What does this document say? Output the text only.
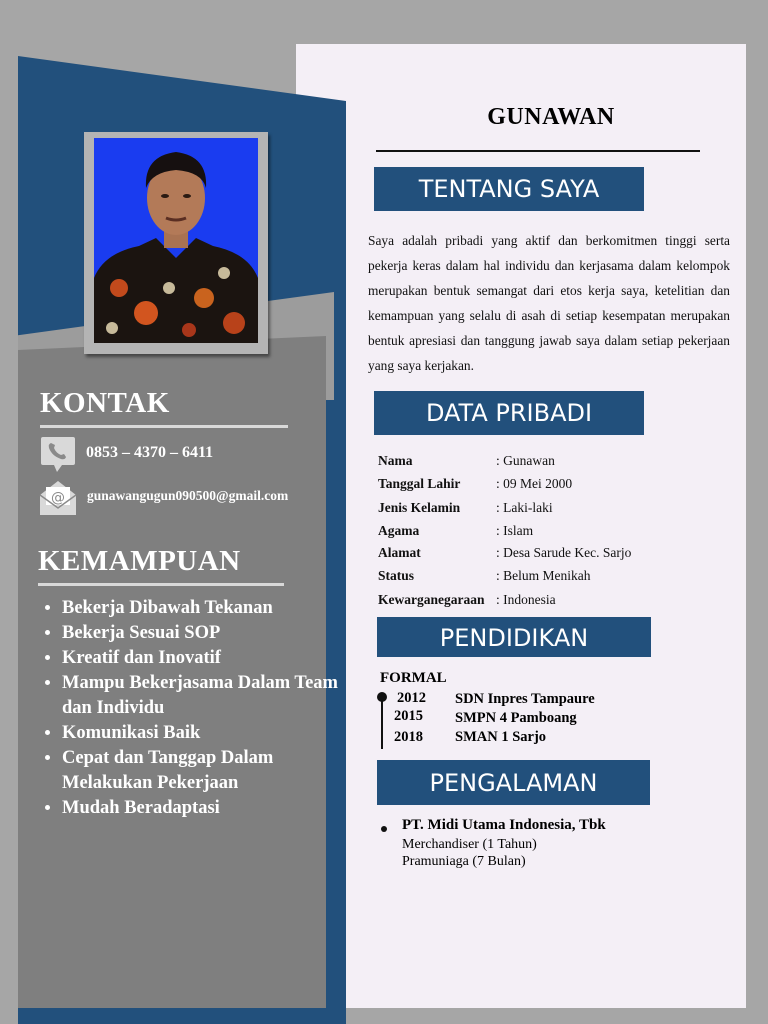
KONTAK
0853 – 4370 – 6411
@ gunawangugun090500@gmail.com
KEMAMPUAN
• Bekerja Dibawah Tekanan
• Bekerja Sesuai SOP
• Kreatif dan Inovatif
• Mampu Bekerjasama Dalam Team dan Individu
• Komunikasi Baik
• Cepat dan Tanggap Dalam Melakukan Pekerjaan
• Mudah Beradaptasi
GUNAWAN
TENTANG SAYA
Saya adalah pribadi yang aktif dan berkomitmen tinggi serta pekerja keras dalam hal individu dan kerjasama dalam kelompok merupakan bentuk semangat dari etos kerja saya, ketelitian dan kemampuan yang selalu di asah di setiap kesempatan merupakan bentuk apresiasi dan tanggung jawab saya dalam setiap pekerjaan yang saya kerjakan.
DATA PRIBADI
Nama	: Gunawan
Tanggal Lahir	: 09 Mei 2000
Jenis Kelamin	: Laki-laki
Agama	: Islam
Alamat	: Desa Sarude Kec. Sarjo
Status	: Belum Menikah
Kewarganegaraan : Indonesia
PENDIDIKAN
FORMAL
2012 SDN Inpres Tampaure
2015 SMPN 4 Pamboang
2018 SMAN 1 Sarjo
PENGALAMAN
PT. Midi Utama Indonesia, Tbk
Merchandiser (1 Tahun)
Pramuniaga (7 Bulan)
